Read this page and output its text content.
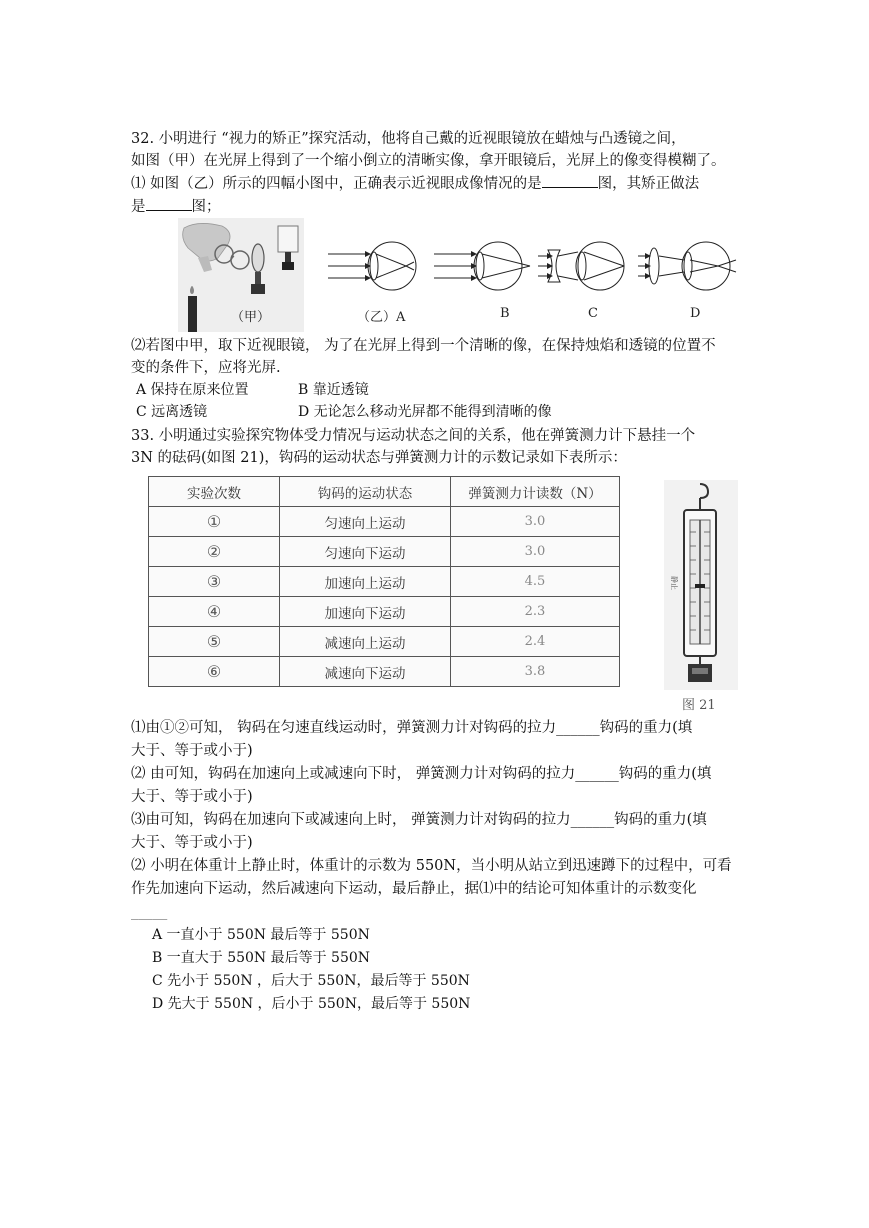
32. 小明进行 “视力的矫正”探究活动，他将自己戴的近视眼镜放在蜡烛与凸透镜之间，
如图（甲）在光屏上得到了一个缩小倒立的清晰实像，拿开眼镜后，光屏上的像变得模糊了。
⑴ 如图（乙）所示的四幅小图中，正确表示近视眼成像情况的是	图，其矫正做法
是	图；
（甲）	（乙）A	B	C	D
⑵若图中甲，取下近视眼镜， 为了在光屏上得到一个清晰的像，在保持烛焰和透镜的位置不
变的条件下，应将光屏.
A 保持在原来位置	B 靠近透镜
C 远离透镜	D 无论怎么移动光屏都不能得到清晰的像
33. 小明通过实验探究物体受力情况与运动状态之间的关系，他在弹簧测力计下悬挂一个
3N 的砝码(如图 21)，钩码的运动状态与弹簧测力计的示数记录如下表所示：
实验次数	钩码的运动状态	弹簧测力计读数（N）
①	匀速向上运动	3.0
②	匀速向下运动	3.0
③	加速向上运动	4.5
④	加速向下运动	2.3
⑤	减速向上运动	2.4
⑥	减速向下运动	3.8
静止
图 21
⑴由①②可知， 钩码在匀速直线运动时，弹簧测力计对钩码的拉力______钩码的重力(填
大于、等于或小于)
⑵ 由可知，钩码在加速向上或减速向下时， 弹簧测力计对钩码的拉力______钩码的重力(填
大于、等于或小于)
⑶由可知，钩码在加速向下或减速向上时， 弹簧测力计对钩码的拉力______钩码的重力(填
大于、等于或小于)
⑵ 小明在体重计上静止时，体重计的示数为 550N，当小明从站立到迅速蹲下的过程中，可看
作先加速向下运动，然后减速向下运动，最后静止，据⑴中的结论可知体重计的示数变化
_____
A 一直小于 550N 最后等于 550N
B 一直大于 550N 最后等于 550N
C 先小于 550N ，后大于 550N，最后等于 550N
D 先大于 550N ，后小于 550N，最后等于 550N
